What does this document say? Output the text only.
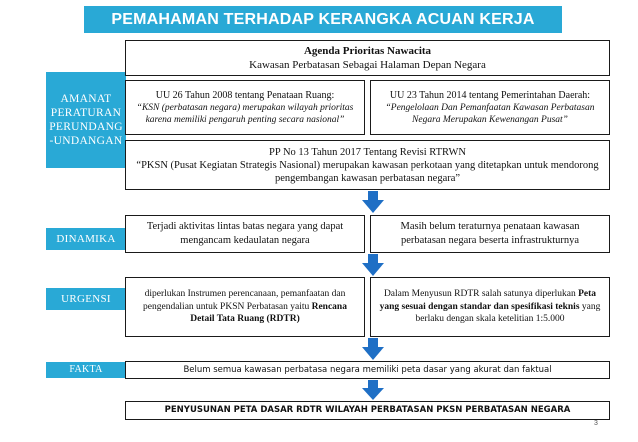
PEMAHAMAN TERHADAP KERANGKA ACUAN KERJA
AMANAT PERATURAN PERUNDANG -UNDANGAN
DINAMIKA
URGENSI
FAKTA
Agenda Prioritas Nawacita
Kawasan Perbatasan Sebagai Halaman Depan Negara
UU 26 Tahun 2008 tentang Penataan Ruang:
“KSN (perbatasan negara) merupakan wilayah prioritas karena memiliki pengaruh penting secara nasional”
UU 23 Tahun 2014 tentang Pemerintahan Daerah:
“Pengelolaan Dan Pemanfaatan Kawasan Perbatasan Negara Merupakan Kewenangan Pusat”
PP No 13 Tahun 2017 Tentang Revisi RTRWN
“PKSN (Pusat Kegiatan Strategis Nasional) merupakan kawasan perkotaan yang ditetapkan untuk mendorong pengembangan kawasan perbatasan negara”
Terjadi aktivitas lintas batas negara yang dapat mengancam kedaulatan negara
Masih belum teraturnya penataan kawasan perbatasan negara beserta infrastrukturnya
diperlukan Instrumen perencanaan, pemanfaatan dan pengendalian untuk PKSN Perbatasan yaitu Rencana Detail Tata Ruang (RDTR)
Dalam Menyusun RDTR salah satunya diperlukan Peta yang sesuai dengan standar dan spesifikasi teknis yang berlaku dengan skala ketelitian 1:5.000
Belum semua kawasan perbatasa negara memiliki peta dasar yang akurat dan faktual
PENYUSUNAN PETA DASAR RDTR WILAYAH PERBATASAN PKSN PERBATASAN NEGARA
3
